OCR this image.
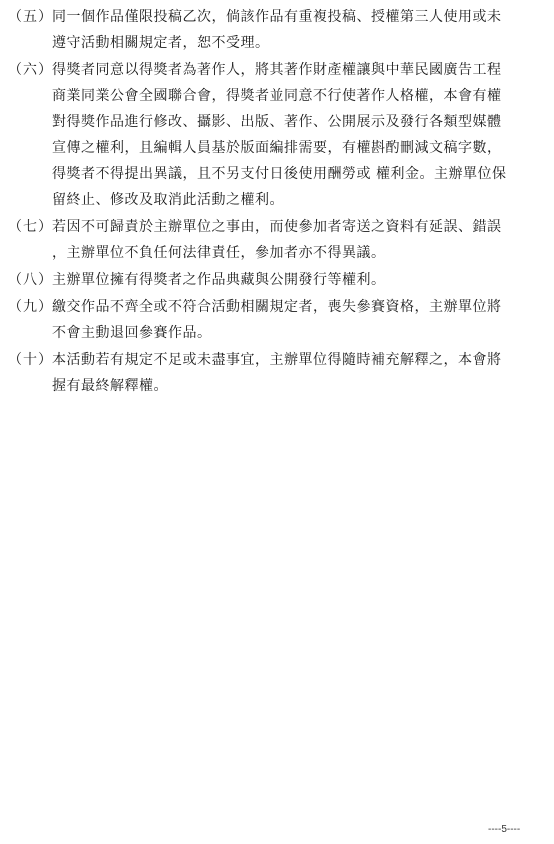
（五） 同一個作品僅限投稿乙次，倘該作品有重複投稿、授權第三人使用或未
遵守活動相關規定者，恕不受理。
（六） 得獎者同意以得獎者為著作人，將其著作財產權讓與中華民國廣告工程
商業同業公會全國聯合會，得獎者並同意不行使著作人格權，本會有權
對得獎作品進行修改、攝影、出版、著作、公開展示及發行各類型媒體
宣傳之權利，且編輯人員基於版面編排需要，有權斟酌刪減文稿字數，
得獎者不得提出異議，且不另支付日後使用酬勞或 權利金。主辦單位保
留終止、修改及取消此活動之權利。
（七） 若因不可歸責於主辦單位之事由，而使參加者寄送之資料有延誤、錯誤
，主辦單位不負任何法律責任，參加者亦不得異議。
（八） 主辦單位擁有得獎者之作品典藏與公開發行等權利。
（九） 繳交作品不齊全或不符合活動相關規定者，喪失參賽資格，主辦單位將
不會主動退回參賽作品。
（十） 本活動若有規定不足或未盡事宜，主辦單位得隨時補充解釋之，本會將
握有最終解釋權。
----5----
